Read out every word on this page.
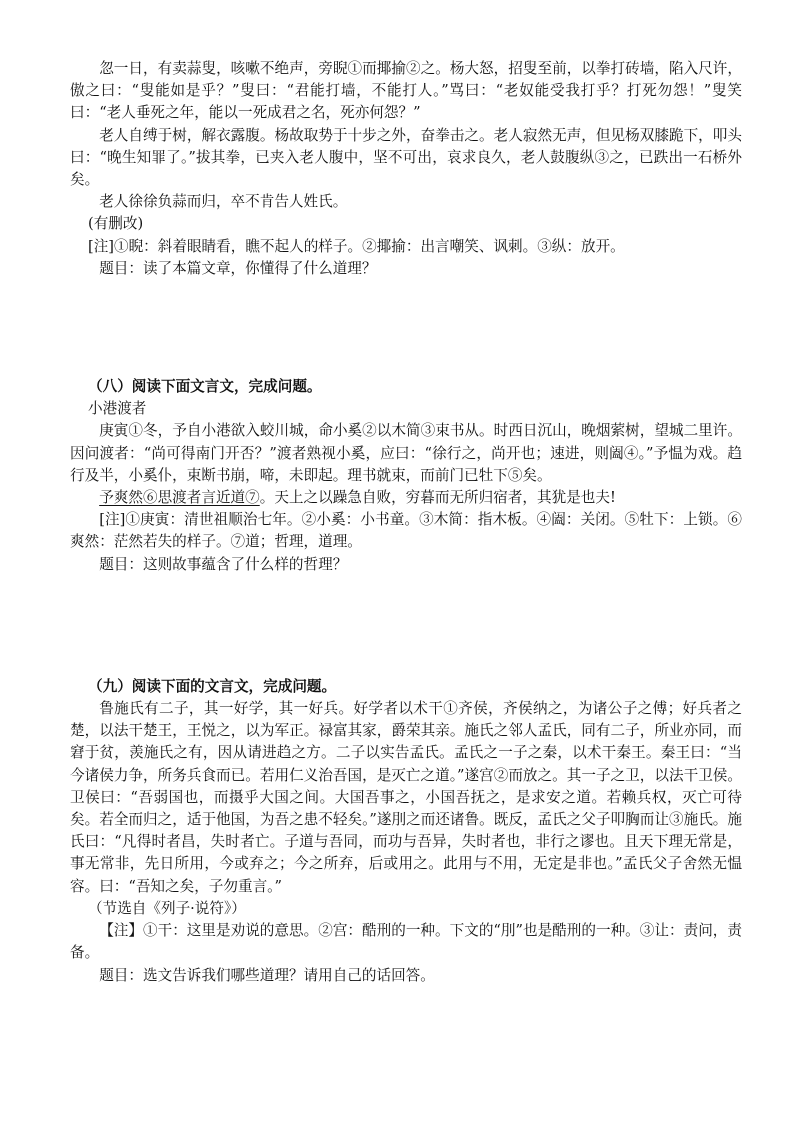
忽一日，有卖蒜叟，咳嗽不绝声，旁睨①而揶揄②之。杨大怒，招叟至前，以拳打砖墙，陷入尺许，傲之曰：“叟能如是乎？”叟曰：“君能打墙，不能打人。”骂曰：“老奴能受我打乎？打死勿怨！”叟笑曰：“老人垂死之年，能以一死成君之名，死亦何怨？”

老人自缚于树，解衣露腹。杨故取势于十步之外，奋拳击之。老人寂然无声，但见杨双膝跪下，叩头曰：“晚生知罪了。”拔其拳，已夹入老人腹中，坚不可出，哀求良久，老人鼓腹纵③之，已跌出一石桥外矣。

老人徐徐负蒜而归，卒不肯告人姓氏。

(有删改)

[注]①睨：斜着眼睛看，瞧不起人的样子。②揶揄：出言嘲笑、讽刺。③纵：放开。

题目：读了本篇文章，你懂得了什么道理？

（八）阅读下面文言文，完成问题。

小港渡者

庚寅①冬，予自小港欲入蛟川城，命小奚②以木简③束书从。时西日沉山，晚烟萦树，望城二里许。因问渡者：“尚可得南门开否？”渡者熟视小奚，应曰：“徐行之，尚开也；速进，则阖④。”予愠为戏。趋行及半，小奚仆，束断书崩，啼，未即起。理书就束，而前门已牡下⑤矣。

予爽然⑥思渡者言近道⑦。天上之以躁急自败，穷暮而无所归宿者，其犹是也夫!

[注]①庚寅：清世祖顺治七年。②小奚：小书童。③木简：指木板。④阖：关闭。⑤牡下：上锁。⑥爽然：茫然若失的样子。⑦道；哲理，道理。

题目：这则故事蕴含了什么样的哲理？

（九）阅读下面的文言文，完成问题。

鲁施氏有二子，其一好学，其一好兵。好学者以术干①齐侯，齐侯纳之，为诸公子之傅；好兵者之楚，以法干楚王，王悦之，以为军正。禄富其家，爵荣其亲。施氏之邻人孟氏，同有二子，所业亦同，而窘于贫，羡施氏之有，因从请进趋之方。二子以实告孟氏。孟氏之一子之秦，以术干秦王。秦王曰：“当今诸侯力争，所务兵食而已。若用仁义治吾国，是灭亡之道。”遂宫②而放之。其一子之卫，以法干卫侯。卫侯曰：“吾弱国也，而摄乎大国之间。大国吾事之，小国吾抚之，是求安之道。若赖兵权，灭亡可待矣。若全而归之，适于他国，为吾之患不轻矣。”遂刖之而还诸鲁。既反，孟氏之父子叩胸而让③施氏。施氏曰：“凡得时者昌，失时者亡。子道与吾同，而功与吾异，失时者也，非行之谬也。且天下理无常是，事无常非，先日所用，今或弃之；今之所弃，后或用之。此用与不用，无定是非也。”孟氏父子舍然无愠容。曰：“吾知之矣，子勿重言。”

（节选自《列子·说符》）

【注】①干：这里是劝说的意思。②宫：酷刑的一种。下文的“刖”也是酷刑的一种。③让：责问，责备。

题目：选文告诉我们哪些道理？请用自己的话回答。
